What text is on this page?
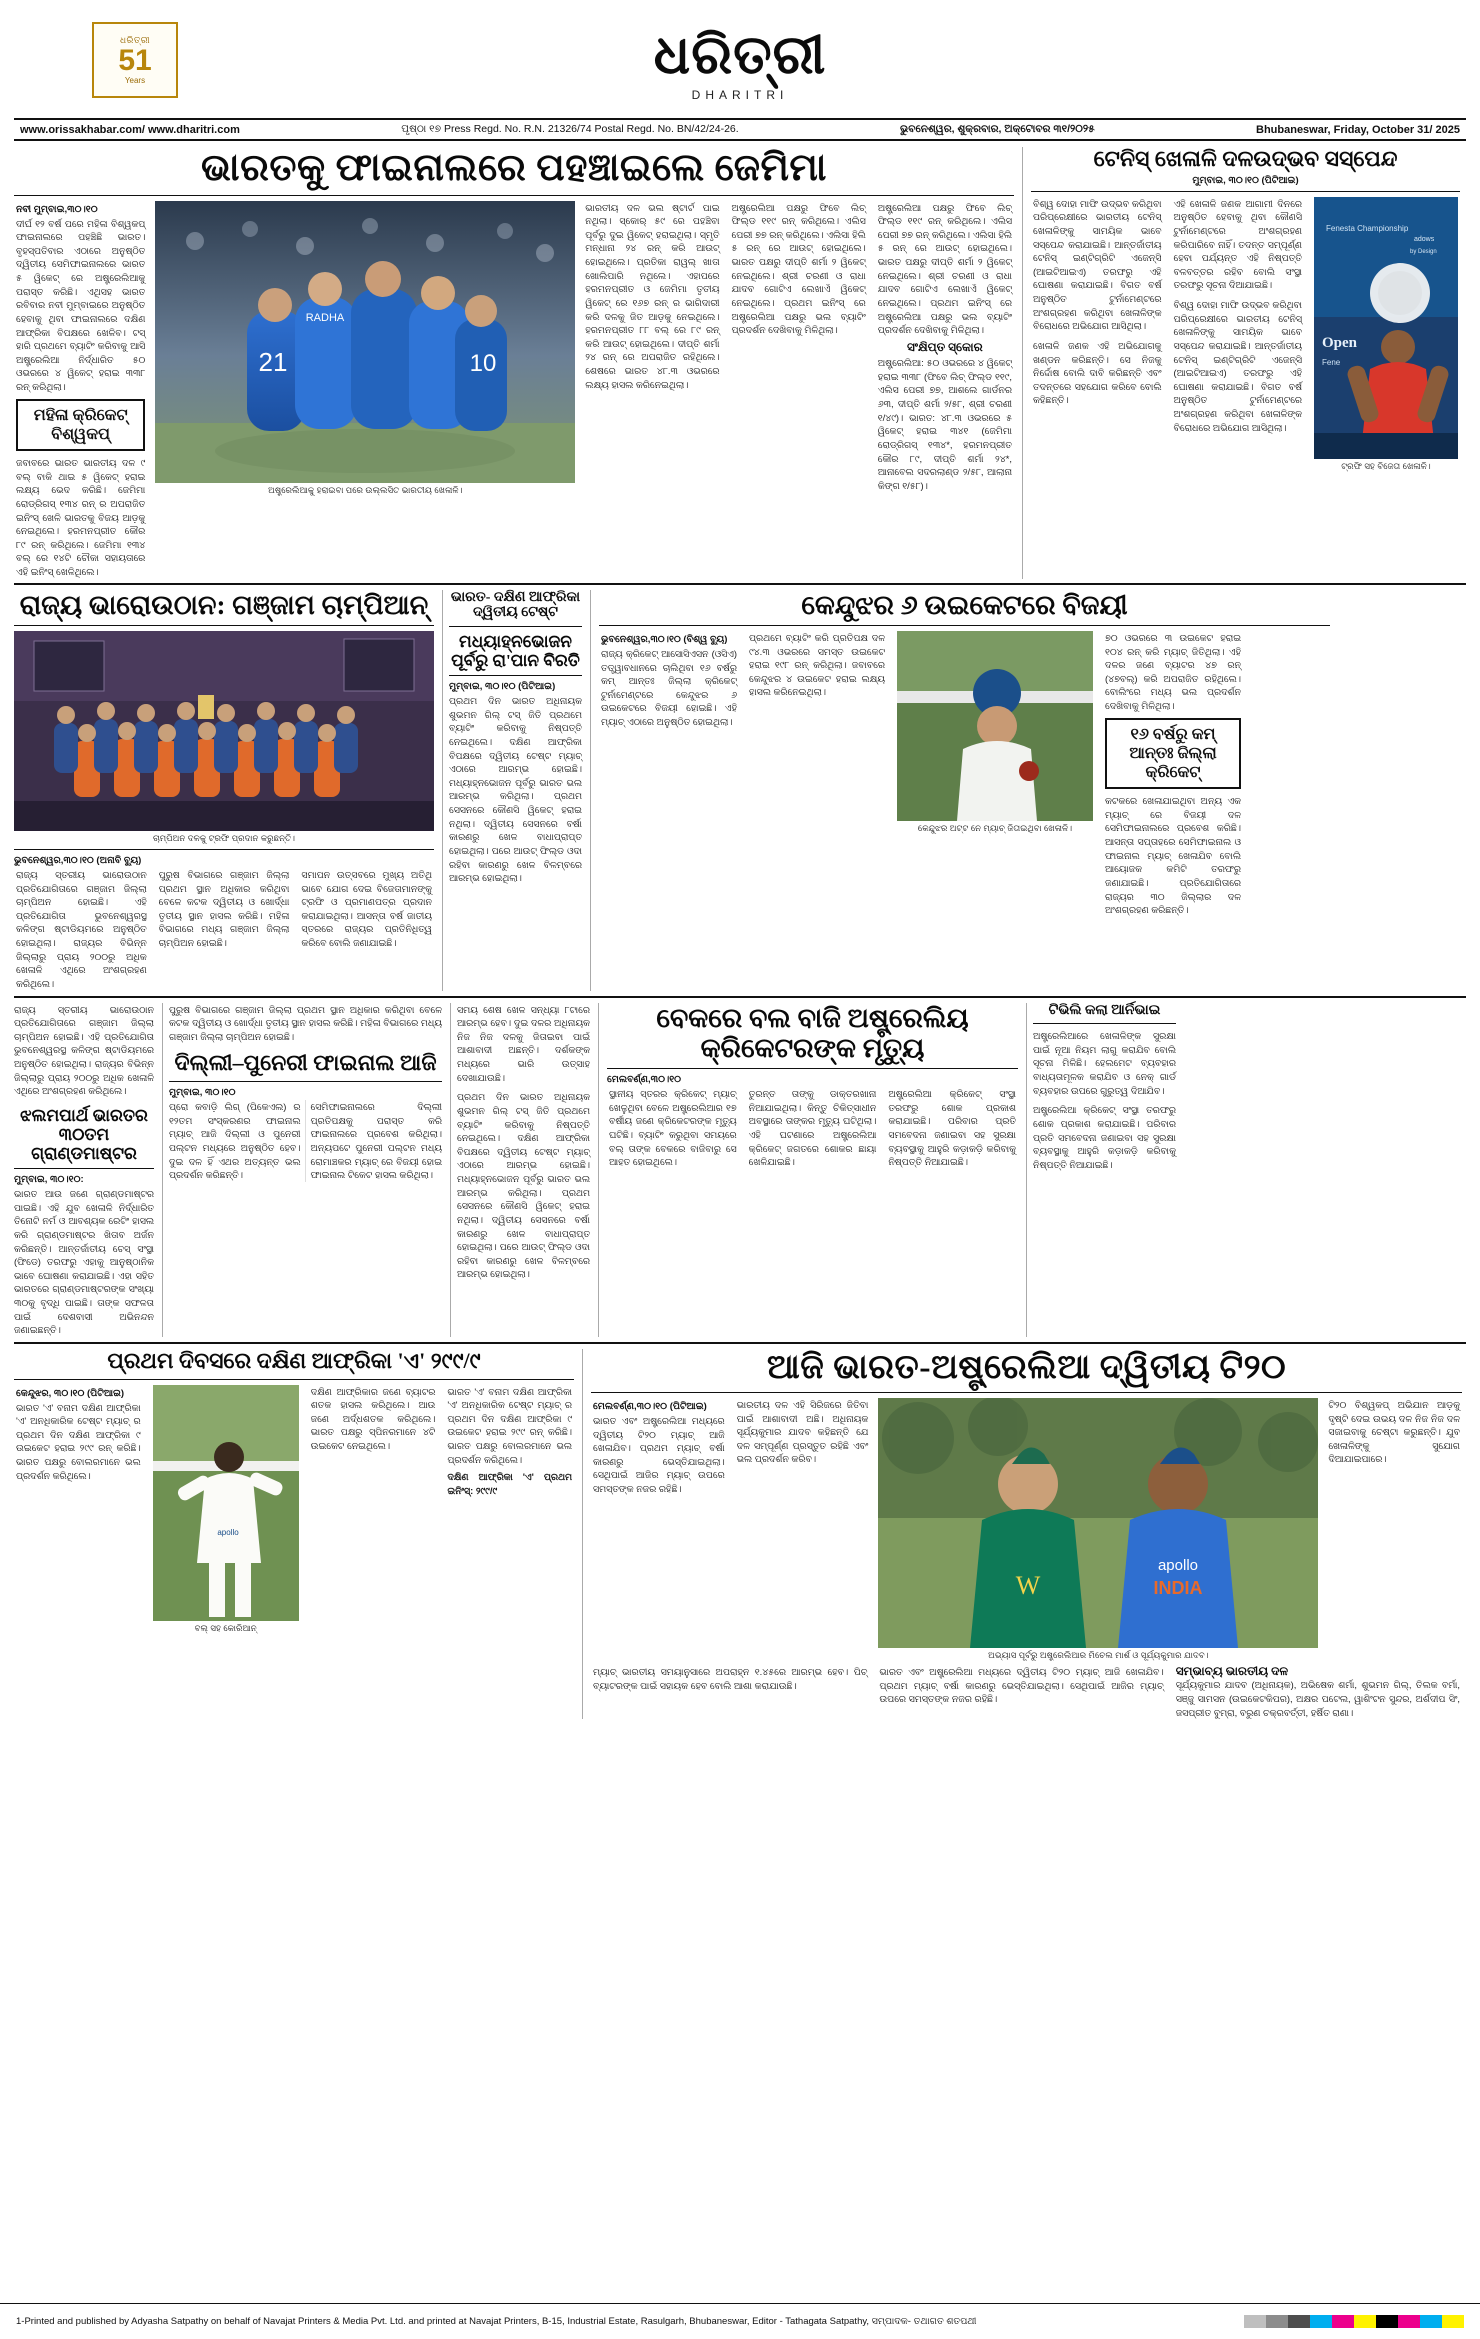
ଧରିତ୍ରୀ
51
Years	ଧରିତ୍ରୀ
DHARITRI
www.orissakhabar.com/ www.dharitri.com	ପୃଷ୍ଠା ୧୭ Press Regd. No. R.N. 21326/74 Postal Regd. No. BN/42/24-26.	ଭୁବନେଶ୍ୱର, ଶୁକ୍ରବାର, ଅକ୍ଟୋବର ୩୧/୨୦୨୫	Bhubaneswar, Friday, October 31/ 2025
ଭାରତକୁ ଫାଇନାଲରେ ପହଞ୍ଚାଇଲେ ଜେମିମା
ନବୀ ମୁମ୍ବାଇ,୩୦।୧୦
ଦୀର୍ଘ ୧୨ ବର୍ଷ ପରେ ମହିଳା ବିଶ୍ୱକପ୍ ଫାଇନାଲରେ ପହଞ୍ଚିଛି ଭାରତ। ବୃହସ୍ପତିବାର ଏଠାରେ ଅନୁଷ୍ଠିତ ଦ୍ୱିତୀୟ ସେମିଫାଇନାଲରେ ଭାରତ ୫ ୱିକେଟ୍ ରେ ଅଷ୍ଟ୍ରେଲିଆକୁ ପରାସ୍ତ କରିଛି। ଏଥିସହ ଭାରତ ରବିବାର ନବୀ ମୁମ୍ବାଇରେ ଅନୁଷ୍ଠିତ ହେବାକୁ ଥିବା ଫାଇନାଲରେ ଦକ୍ଷିଣ ଆଫ୍ରିକା ବିପକ୍ଷରେ ଖେଳିବ। ଟସ୍ ହାରି ପ୍ରଥମେ ବ୍ୟାଟିଂ କରିବାକୁ ଆସି ଅଷ୍ଟ୍ରେଲିଆ ନିର୍ଦ୍ଧାରିତ ୫୦ ଓଭରରେ ୪ ୱିକେଟ୍ ହରାଇ ୩୩୮ ରନ୍ କରିଥିଲା।
ମହିଳା କ୍ରିକେଟ୍ ବିଶ୍ୱକପ୍
ଜବାବରେ ଭାରତ ଭାରତୀୟ ଦଳ ୯ ବଲ୍ ବାକି ଥାଇ ୫ ୱିକେଟ୍ ହରାଇ ଲକ୍ଷ୍ୟ ଭେଦ କରିଛି। ଜେମିମା ରୋଡ୍ରିଗସ୍ ୧୩୪ ରନ୍ ର ଅପରାଜିତ ଇନିଂସ୍ ଖେଳି ଭାରତକୁ ବିଜୟ ଆଡ଼କୁ ନେଇଥିଲେ। ହରମନପ୍ରୀତ କୌର ୮୯ ରନ୍ କରିଥିଲେ। ଜେମିମା ୧୩୪ ବଲ୍ ରେ ୧୪ଟି ଚୌକା ସହାୟତାରେ ଏହି ଇନିଂସ୍ ଖେଳିଥିଲେ।
21	10
RADHA
ଅଷ୍ଟ୍ରେଲିଆକୁ ହରାଇବା ପରେ ଉଲ୍ଲସିତ ଭାରତୀୟ ଖେଳାଳି।
ଭାରତୀୟ ଦଳ ଭଲ ଷ୍ଟାର୍ଟ ପାଇ ନଥିଲା। ସ୍କୋର୍ ୫୯ ରେ ପହଞ୍ଚିବା ପୂର୍ବରୁ ଦୁଇ ୱିକେଟ୍ ହରାଇଥିଲା। ସ୍ମୃତି ମନ୍ଧାନା ୨୪ ରନ୍ କରି ଆଉଟ୍ ହୋଇଥିଲେ। ପ୍ରତିକା ରାୱଲ୍ ଖାତା ଖୋଲିପାରି ନଥିଲେ। ଏହାପରେ ହରମନପ୍ରୀତ ଓ ଜେମିମା ତୃତୀୟ ୱିକେଟ୍ ରେ ୧୬୭ ରନ୍ ର ଭାଗିଦାରୀ କରି ଦଳକୁ ଜିତ ଆଡ଼କୁ ନେଇଥିଲେ। ହରମନପ୍ରୀତ ୮୮ ବଲ୍ ରେ ୮୯ ରନ୍ କରି ଆଉଟ୍ ହୋଇଥିଲେ। ଦୀପ୍ତି ଶର୍ମା ୨୪ ରନ୍ ରେ ଅପରାଜିତ ରହିଥିଲେ। ଶେଷରେ ଭାରତ ୪୮.୩ ଓଭରରେ ଲକ୍ଷ୍ୟ ହାସଲ କରିନେଇଥିଲା।
ଅଷ୍ଟ୍ରେଲିଆ ପକ୍ଷରୁ ଫିବେ ଲିଚ୍ ଫିଲ୍ଡ ୧୧୯ ରନ୍ କରିଥିଲେ। ଏଲିସ ପେରୀ ୭୭ ରନ୍ କରିଥିଲେ। ଏଲିସା ହିଲି ୫ ରନ୍ ରେ ଆଉଟ୍ ହୋଇଥିଲେ। ଭାରତ ପକ୍ଷରୁ ଦୀପ୍ତି ଶର୍ମା ୨ ୱିକେଟ୍ ନେଇଥିଲେ। ଶ୍ରୀ ଚରଣୀ ଓ ରାଧା ଯାଦବ ଗୋଟିଏ ଲେଖାଏଁ ୱିକେଟ୍ ନେଇଥିଲେ। ପ୍ରଥମ ଇନିଂସ୍ ରେ ଅଷ୍ଟ୍ରେଲିଆ ପକ୍ଷରୁ ଭଲ ବ୍ୟାଟିଂ ପ୍ରଦର୍ଶନ ଦେଖିବାକୁ ମିଳିଥିଲା।
ଅଷ୍ଟ୍ରେଲିଆ ପକ୍ଷରୁ ଫିବେ ଲିଚ୍ ଫିଲ୍ଡ ୧୧୯ ରନ୍ କରିଥିଲେ। ଏଲିସ ପେରୀ ୭୭ ରନ୍ କରିଥିଲେ। ଏଲିସା ହିଲି ୫ ରନ୍ ରେ ଆଉଟ୍ ହୋଇଥିଲେ। ଭାରତ ପକ୍ଷରୁ ଦୀପ୍ତି ଶର୍ମା ୨ ୱିକେଟ୍ ନେଇଥିଲେ। ଶ୍ରୀ ଚରଣୀ ଓ ରାଧା ଯାଦବ ଗୋଟିଏ ଲେଖାଏଁ ୱିକେଟ୍ ନେଇଥିଲେ। ପ୍ରଥମ ଇନିଂସ୍ ରେ ଅଷ୍ଟ୍ରେଲିଆ ପକ୍ଷରୁ ଭଲ ବ୍ୟାଟିଂ ପ୍ରଦର୍ଶନ ଦେଖିବାକୁ ମିଳିଥିଲା।
ସଂକ୍ଷିପ୍ତ ସ୍କୋର
ଅଷ୍ଟ୍ରେଲିଆ: ୫୦ ଓଭରରେ ୪ ୱିକେଟ୍ ହରାଇ ୩୩୮ (ଫିବେ ଲିଚ୍ ଫିଲ୍ଡ ୧୧୯, ଏଲିସ ପେରୀ ୭୭, ଆଶଲେ ଗାର୍ଡନର ୬୩, ଦୀପ୍ତି ଶର୍ମା ୨/୫୮, ଶ୍ରୀ ଚରଣୀ ୧/୪୯)। ଭାରତ: ୪୮.୩ ଓଭରରେ ୫ ୱିକେଟ୍ ହରାଇ ୩୪୧ (ଜେମିମା ରୋଡ୍ରିଗସ୍ ୧୩୪*, ହରମନପ୍ରୀତ କୌର ୮୯, ଦୀପ୍ତି ଶର୍ମା ୨୪*, ଆନାବେଲ ସଦରଲାଣ୍ଡ ୨/୫୮, ଆଲାନା କିଙ୍ଗ ୧/୫୮)।
ଟେନିସ୍ ଖେଳାଳି ଦଳଉଦ୍ଭବ ସସ୍‌ପେନ୍ଦ
ମୁମ୍ବାଇ, ୩୦।୧୦ (ପିଟିଆଇ)
ବିଶ୍ୱ ଦୋହା ମାଫି ଉଦ୍ଭବ କରିଥିବା ପରିପ୍ରେକ୍ଷୀରେ ଭାରତୀୟ ଟେନିସ୍ ଖେଳାଳିଙ୍କୁ ସାମୟିକ ଭାବେ ସସ୍‌ପେନ୍ଦ କରାଯାଇଛି। ଆନ୍ତର୍ଜାତୀୟ ଟେନିସ୍ ଇଣ୍ଟିଗ୍ରିଟି ଏଜେନ୍ସି (ଆଇଟିଆଇଏ) ତରଫରୁ ଏହି ଘୋଷଣା କରାଯାଇଛି। ବିଗତ ବର୍ଷ ଅନୁଷ୍ଠିତ ଟୁର୍ନାମେଣ୍ଟରେ ଅଂଶଗ୍ରହଣ କରିଥିବା ଖେଳାଳିଙ୍କ ବିରୋଧରେ ଅଭିଯୋଗ ଆସିଥିଲା।
ଖେଳାଳି ଜଣକ ଏହି ଅଭିଯୋଗକୁ ଖଣ୍ଡନ କରିଛନ୍ତି। ସେ ନିଜକୁ ନିର୍ଦ୍ଦୋଷ ବୋଲି ଦାବି କରିଛନ୍ତି ଏବଂ ତଦନ୍ତରେ ସହଯୋଗ କରିବେ ବୋଲି କହିଛନ୍ତି।
ଏହି ଖେଳାଳି ଜଣକ ଆଗାମୀ ଦିନରେ ଅନୁଷ୍ଠିତ ହେବାକୁ ଥିବା କୌଣସି ଟୁର୍ନାମେଣ୍ଟରେ ଅଂଶଗ୍ରହଣ କରିପାରିବେ ନାହିଁ। ତଦନ୍ତ ସମ୍ପୂର୍ଣ୍ଣ ହେବା ପର୍ଯ୍ୟନ୍ତ ଏହି ନିଷ୍ପତ୍ତି ବଳବତ୍ତର ରହିବ ବୋଲି ସଂସ୍ଥା ତରଫରୁ ସୂଚନା ଦିଆଯାଇଛି।
ବିଶ୍ୱ ଦୋହା ମାଫି ଉଦ୍ଭବ କରିଥିବା ପରିପ୍ରେକ୍ଷୀରେ ଭାରତୀୟ ଟେନିସ୍ ଖେଳାଳିଙ୍କୁ ସାମୟିକ ଭାବେ ସସ୍‌ପେନ୍ଦ କରାଯାଇଛି। ଆନ୍ତର୍ଜାତୀୟ ଟେନିସ୍ ଇଣ୍ଟିଗ୍ରିଟି ଏଜେନ୍ସି (ଆଇଟିଆଇଏ) ତରଫରୁ ଏହି ଘୋଷଣା କରାଯାଇଛି। ବିଗତ ବର୍ଷ ଅନୁଷ୍ଠିତ ଟୁର୍ନାମେଣ୍ଟରେ ଅଂଶଗ୍ରହଣ କରିଥିବା ଖେଳାଳିଙ୍କ ବିରୋଧରେ ଅଭିଯୋଗ ଆସିଥିଲା।
Fenesta Championship
Open
Fene
adows
by Design
ଟ୍ରଫି ସହ ବିଜେତା ଖେଳାଳି।
ରାଜ୍ୟ ଭାରୋଉଠାନ: ଗଞ୍ଜାମ ଚାମ୍ପିଆନ୍
ଚାମ୍ପିଅନ ଦଳକୁ ଟ୍ରଫି ପ୍ରଦାନ କରୁଛନ୍ତି।
ଭୁବନେଶ୍ୱର,୩୦।୧୦ (ଅନାବି ବ୍ୟୁ)
ରାଜ୍ୟ ସ୍ତରୀୟ ଭାରୋଉଠାନ ପ୍ରତିଯୋଗିତାରେ ଗଞ୍ଜାମ ଜିଲ୍ଲା ଚାମ୍ପିଅନ ହୋଇଛି। ଏହି ପ୍ରତିଯୋଗିତା ଭୁବନେଶ୍ୱରସ୍ଥ କଳିଙ୍ଗ ଷ୍ଟାଡିୟମରେ ଅନୁଷ୍ଠିତ ହୋଇଥିଲା। ରାଜ୍ୟର ବିଭିନ୍ନ ଜିଲ୍ଲାରୁ ପ୍ରାୟ ୨୦୦ରୁ ଅଧିକ ଖେଳାଳି ଏଥିରେ ଅଂଶଗ୍ରହଣ କରିଥିଲେ।
ପୁରୁଷ ବିଭାଗରେ ଗଞ୍ଜାମ ଜିଲ୍ଲା ପ୍ରଥମ ସ୍ଥାନ ଅଧିକାର କରିଥିବା ବେଳେ କଟକ ଦ୍ୱିତୀୟ ଓ ଖୋର୍ଦ୍ଧା ତୃତୀୟ ସ୍ଥାନ ହାସଲ କରିଛି। ମହିଳା ବିଭାଗରେ ମଧ୍ୟ ଗଞ୍ଜାମ ଜିଲ୍ଲା ଚାମ୍ପିଅନ ହୋଇଛି।
ସମାପନ ଉତ୍ସବରେ ମୁଖ୍ୟ ଅତିଥି ଭାବେ ଯୋଗ ଦେଇ ବିଜେତାମାନଙ୍କୁ ଟ୍ରଫି ଓ ପ୍ରମାଣପତ୍ର ପ୍ରଦାନ କରାଯାଇଥିଲା। ଆସନ୍ତା ବର୍ଷ ଜାତୀୟ ସ୍ତରରେ ରାଜ୍ୟର ପ୍ରତିନିଧିତ୍ୱ କରିବେ ବୋଲି ଜଣାଯାଇଛି।
ଭାରତ- ଦକ୍ଷିଣ ଆଫ୍ରିକା ଦ୍ୱିତୀୟ ଟେଷ୍ଟ
ମଧ୍ୟାହ୍ନଭୋଜନ ପୂର୍ବରୁ ରା'ପାନ ବିରତି
ମୁମ୍ବାଇ, ୩୦।୧୦ (ପିଟିଆଇ)
ପ୍ରଥମ ଦିନ ଭାରତ ଅଧିନାୟକ ଶୁଭମନ ଗିଲ୍ ଟସ୍ ଜିତି ପ୍ରଥମେ ବ୍ୟାଟିଂ କରିବାକୁ ନିଷ୍ପତ୍ତି ନେଇଥିଲେ। ଦକ୍ଷିଣ ଆଫ୍ରିକା ବିପକ୍ଷରେ ଦ୍ୱିତୀୟ ଟେଷ୍ଟ ମ୍ୟାଚ୍ ଏଠାରେ ଆରମ୍ଭ ହୋଇଛି। ମଧ୍ୟାହ୍ନଭୋଜନ ପୂର୍ବରୁ ଭାରତ ଭଲ ଆରମ୍ଭ କରିଥିଲା। ପ୍ରଥମ ସେସନରେ କୌଣସି ୱିକେଟ୍ ହରାଇ ନଥିଲା। ଦ୍ୱିତୀୟ ସେସନରେ ବର୍ଷା କାରଣରୁ ଖେଳ ବାଧାପ୍ରାପ୍ତ ହୋଇଥିଲା। ପରେ ଆଉଟ୍ ଫିଲ୍ଡ ଓଦା ରହିବା କାରଣରୁ ଖେଳ ବିଳମ୍ବରେ ଆରମ୍ଭ ହୋଇଥିଲା।
କେନ୍ଦୁଝର ୬ ଉଇକେଟରେ ବିଜୟୀ
ଭୁବନେଶ୍ୱର,୩୦।୧୦ (ବିଶ୍ୱ ବ୍ୟୁ)
ରାଜ୍ୟ କ୍ରିକେଟ୍ ଆସୋସିଏସନ (ଓସିଏ) ତତ୍ତ୍ୱାବଧାନରେ ଚାଲିଥିବା ୧୬ ବର୍ଷରୁ କମ୍ ଆନ୍ତଃ ଜିଲ୍ଲା କ୍ରିକେଟ୍ ଟୁର୍ନାମେଣ୍ଟରେ କେନ୍ଦୁଝର ୬ ଉଇକେଟରେ ବିଜୟୀ ହୋଇଛି। ଏହି ମ୍ୟାଚ୍ ଏଠାରେ ଅନୁଷ୍ଠିତ ହୋଇଥିଲା।
ପ୍ରଥମେ ବ୍ୟାଟିଂ କରି ପ୍ରତିପକ୍ଷ ଦଳ ୯୪.୩ ଓଭରରେ ସମସ୍ତ ଉଇକେଟ ହରାଇ ୧୯୮ ରନ୍ କରିଥିଲା। ଜବାବରେ କେନ୍ଦୁଝର ୪ ଉଇକେଟ ହରାଇ ଲକ୍ଷ୍ୟ ହାସଲ କରିନେଇଥିଲା।
କେନ୍ଦୁଝର ଅଟ୍ଟ ନେ ମ୍ୟାଚ୍ ଜିତାଇଥିବା ଖେଳାଳି।
୭୦ ଓଭରରେ ୩ ଉଇକେଟ ହରାଇ ୧୦୪ ରନ୍ କରି ମ୍ୟାଚ୍ ଜିତିଥିଲା। ଏହି ଦଳର ଜଣେ ବ୍ୟାଟର ୪୭ ରନ୍ (୪୭ବଲ୍) କରି ଅପରାଜିତ ରହିଥିଲେ। ବୋଲିଂରେ ମଧ୍ୟ ଭଲ ପ୍ରଦର୍ଶନ ଦେଖିବାକୁ ମିଳିଥିଲା।
୧୬ ବର୍ଷରୁ କମ୍ ଆନ୍ତଃ ଜିଲ୍ଲା କ୍ରିକେଟ୍
କଟକରେ ଖେଳାଯାଇଥିବା ଅନ୍ୟ ଏକ ମ୍ୟାଚ୍ ରେ ବିଜୟୀ ଦଳ ସେମିଫାଇନାଲରେ ପ୍ରବେଶ କରିଛି। ଆସନ୍ତା ସପ୍ତାହରେ ସେମିଫାଇନାଲ ଓ ଫାଇନାଲ ମ୍ୟାଚ୍ ଖେଳାଯିବ ବୋଲି ଆୟୋଜକ କମିଟି ତରଫରୁ ଜଣାଯାଇଛି। ପ୍ରତିଯୋଗିତାରେ ରାଜ୍ୟର ୩୦ ଜିଲ୍ଲାର ଦଳ ଅଂଶଗ୍ରହଣ କରିଛନ୍ତି।
ରାଜ୍ୟ ସ୍ତରୀୟ ଭାରୋଉଠାନ ପ୍ରତିଯୋଗିତାରେ ଗଞ୍ଜାମ ଜିଲ୍ଲା ଚାମ୍ପିଅନ ହୋଇଛି। ଏହି ପ୍ରତିଯୋଗିତା ଭୁବନେଶ୍ୱରସ୍ଥ କଳିଙ୍ଗ ଷ୍ଟାଡିୟମରେ ଅନୁଷ୍ଠିତ ହୋଇଥିଲା। ରାଜ୍ୟର ବିଭିନ୍ନ ଜିଲ୍ଲାରୁ ପ୍ରାୟ ୨୦୦ରୁ ଅଧିକ ଖେଳାଳି ଏଥିରେ ଅଂଶଗ୍ରହଣ କରିଥିଲେ।
ଝଲମପାର୍ଥ ଭାରତର ୩୦ତମ ଗ୍ରାଣ୍ଡମାଷ୍ଟର
ମୁମ୍ବାଇ, ୩୦।୧୦:
ଭାରତ ଆଉ ଜଣେ ଗ୍ରାଣ୍ଡମାଷ୍ଟର ପାଇଛି। ଏହି ଯୁବ ଖେଳାଳି ନିର୍ଦ୍ଧାରିତ ତିନୋଟି ନର୍ମ ଓ ଆବଶ୍ୟକ ରେଟିଂ ହାସଲ କରି ଗ୍ରାଣ୍ଡମାଷ୍ଟର ଖିତାବ ଅର୍ଜନ କରିଛନ୍ତି। ଆନ୍ତର୍ଜାତୀୟ ଚେସ୍ ସଂସ୍ଥା (ଫିଡେ) ତରଫରୁ ଏହାକୁ ଆନୁଷ୍ଠାନିକ ଭାବେ ଘୋଷଣା କରାଯାଇଛି। ଏହା ସହିତ ଭାରତରେ ଗ୍ରାଣ୍ଡମାଷ୍ଟରଙ୍କ ସଂଖ୍ୟା ୩୦କୁ ବୃଦ୍ଧି ପାଇଛି। ତାଙ୍କ ସଫଳତା ପାଇଁ ଦେଶବାସୀ ଅଭିନନ୍ଦନ ଜଣାଇଛନ୍ତି।
ପୁରୁଷ ବିଭାଗରେ ଗଞ୍ଜାମ ଜିଲ୍ଲା ପ୍ରଥମ ସ୍ଥାନ ଅଧିକାର କରିଥିବା ବେଳେ କଟକ ଦ୍ୱିତୀୟ ଓ ଖୋର୍ଦ୍ଧା ତୃତୀୟ ସ୍ଥାନ ହାସଲ କରିଛି। ମହିଳା ବିଭାଗରେ ମଧ୍ୟ ଗଞ୍ଜାମ ଜିଲ୍ଲା ଚାମ୍ପିଅନ ହୋଇଛି।
ଦିଲ୍ଲୀ–ପୁନେରୀ ଫାଇନାଲ ଆଜି
ମୁମ୍ବାଇ, ୩୦।୧୦
ପ୍ରୋ କବାଡ଼ି ଲିଗ୍ (ପିକେଏଲ) ର ୧୨ତମ ସଂସ୍କରଣର ଫାଇନାଲ ମ୍ୟାଚ୍ ଆଜି ଦିଲ୍ଲୀ ଓ ପୁନେରୀ ପଲ୍ଟନ ମଧ୍ୟରେ ଅନୁଷ୍ଠିତ ହେବ। ଦୁଇ ଦଳ ହିଁ ଏଥର ଅତ୍ୟନ୍ତ ଭଲ ପ୍ରଦର୍ଶନ କରିଛନ୍ତି।
ସେମିଫାଇନାଲରେ ଦିଲ୍ଲୀ ପ୍ରତିପକ୍ଷକୁ ପରାସ୍ତ କରି ଫାଇନାଲରେ ପ୍ରବେଶ କରିଥିଲା। ଅନ୍ୟପଟେ ପୁନେରୀ ପଲ୍ଟନ ମଧ୍ୟ ରୋମାଞ୍ଚକର ମ୍ୟାଚ୍ ରେ ବିଜୟୀ ହୋଇ ଫାଇନାଲ ଟିକେଟ ହାସଲ କରିଥିଲା।
ସମୟ ଶେଷ ଖେଳ ସନ୍ଧ୍ୟା ୮ଟାରେ ଆରମ୍ଭ ହେବ। ଦୁଇ ଦଳର ଅଧିନାୟକ ନିଜ ନିଜ ଦଳକୁ ଜିତାଇବା ପାଇଁ ଆଶାବାଦୀ ଅଛନ୍ତି। ଦର୍ଶକଙ୍କ ମଧ୍ୟରେ ଭାରି ଉତ୍ସାହ ଦେଖାଯାଉଛି।
ପ୍ରଥମ ଦିନ ଭାରତ ଅଧିନାୟକ ଶୁଭମନ ଗିଲ୍ ଟସ୍ ଜିତି ପ୍ରଥମେ ବ୍ୟାଟିଂ କରିବାକୁ ନିଷ୍ପତ୍ତି ନେଇଥିଲେ। ଦକ୍ଷିଣ ଆଫ୍ରିକା ବିପକ୍ଷରେ ଦ୍ୱିତୀୟ ଟେଷ୍ଟ ମ୍ୟାଚ୍ ଏଠାରେ ଆରମ୍ଭ ହୋଇଛି। ମଧ୍ୟାହ୍ନଭୋଜନ ପୂର୍ବରୁ ଭାରତ ଭଲ ଆରମ୍ଭ କରିଥିଲା। ପ୍ରଥମ ସେସନରେ କୌଣସି ୱିକେଟ୍ ହରାଇ ନଥିଲା। ଦ୍ୱିତୀୟ ସେସନରେ ବର୍ଷା କାରଣରୁ ଖେଳ ବାଧାପ୍ରାପ୍ତ ହୋଇଥିଲା। ପରେ ଆଉଟ୍ ଫିଲ୍ଡ ଓଦା ରହିବା କାରଣରୁ ଖେଳ ବିଳମ୍ବରେ ଆରମ୍ଭ ହୋଇଥିଲା।
ବେକରେ ବଲ ବାଜି ଅଷ୍ଟ୍ରେଲିୟ କ୍ରିକେଟରଙ୍କ ମୃତ୍ୟୁ
ମେଲବର୍ଣ୍ଣ,୩୦।୧୦
ସ୍ଥାନୀୟ ସ୍ତରର କ୍ରିକେଟ୍ ମ୍ୟାଚ୍ ଖେଳୁଥିବା ବେଳେ ଅଷ୍ଟ୍ରେଲିଆର ୧୭ ବର୍ଷୀୟ ଜଣେ କ୍ରିକେଟରଙ୍କ ମୃତ୍ୟୁ ଘଟିଛି। ବ୍ୟାଟିଂ କରୁଥିବା ସମୟରେ ବଲ୍ ତାଙ୍କ ବେକରେ ବାଜିବାରୁ ସେ ଆହତ ହୋଇଥିଲେ।
ତୁରନ୍ତ ତାଙ୍କୁ ଡାକ୍ତରଖାନା ନିଆଯାଇଥିଲା। କିନ୍ତୁ ଚିକିତ୍ସାଧୀନ ଅବସ୍ଥାରେ ତାଙ୍କର ମୃତ୍ୟୁ ଘଟିଥିଲା। ଏହି ଘଟଣାରେ ଅଷ୍ଟ୍ରେଲିଆ କ୍ରିକେଟ୍ ଜଗତରେ ଶୋକର ଛାୟା ଖେଳିଯାଇଛି।
ଅଷ୍ଟ୍ରେଲିଆ କ୍ରିକେଟ୍ ସଂସ୍ଥା ତରଫରୁ ଶୋକ ପ୍ରକାଶ କରାଯାଇଛି। ପରିବାର ପ୍ରତି ସମବେଦନା ଜଣାଇବା ସହ ସୁରକ୍ଷା ବ୍ୟବସ୍ଥାକୁ ଆହୁରି କଡ଼ାକଡ଼ି କରିବାକୁ ନିଷ୍ପତ୍ତି ନିଆଯାଇଛି।
ଟିଭିଲି କଲା ଆର୍ନିଭାଇ
ଅଷ୍ଟ୍ରେଲିଆରେ ଖେଳାଳିଙ୍କ ସୁରକ୍ଷା ପାଇଁ ନୂଆ ନିୟମ ଲାଗୁ କରାଯିବ ବୋଲି ସୂଚନା ମିଳିଛି। ହେଲମେଟ ବ୍ୟବହାର ବାଧ୍ୟତାମୂଳକ କରାଯିବ ଓ ନେକ୍ ଗାର୍ଡ ବ୍ୟବହାର ଉପରେ ଗୁରୁତ୍ୱ ଦିଆଯିବ।
ଅଷ୍ଟ୍ରେଲିଆ କ୍ରିକେଟ୍ ସଂସ୍ଥା ତରଫରୁ ଶୋକ ପ୍ରକାଶ କରାଯାଇଛି। ପରିବାର ପ୍ରତି ସମବେଦନା ଜଣାଇବା ସହ ସୁରକ୍ଷା ବ୍ୟବସ୍ଥାକୁ ଆହୁରି କଡ଼ାକଡ଼ି କରିବାକୁ ନିଷ୍ପତ୍ତି ନିଆଯାଇଛି।
ପ୍ରଥମ ଦିବସରେ ଦକ୍ଷିଣ ଆଫ୍ରିକା 'ଏ' ୨୯୯/୯
କେନ୍ଦୁଝର, ୩୦।୧୦ (ପିଟିଆଇ)
ଭାରତ 'ଏ' ବନାମ ଦକ୍ଷିଣ ଆଫ୍ରିକା 'ଏ' ଅନଧିକାରିକ ଟେଷ୍ଟ ମ୍ୟାଚ୍ ର ପ୍ରଥମ ଦିନ ଦକ୍ଷିଣ ଆଫ୍ରିକା ୯ ଉଇକେଟ ହରାଇ ୨୯୯ ରନ୍ କରିଛି। ଭାରତ ପକ୍ଷରୁ ବୋଲରମାନେ ଭଲ ପ୍ରଦର୍ଶନ କରିଥିଲେ।
apollo
ବଲ୍ ସହ କୋରିଆନ୍
ଦକ୍ଷିଣ ଆଫ୍ରିକାର ଜଣେ ବ୍ୟାଟର ଶତକ ହାସଲ କରିଥିଲେ। ଆଉ ଜଣେ ଅର୍ଦ୍ଧଶତକ କରିଥିଲେ। ଭାରତ ପକ୍ଷରୁ ସ୍ପିନରମାନେ ୪ଟି ଉଇକେଟ ନେଇଥିଲେ।
ଭାରତ 'ଏ' ବନାମ ଦକ୍ଷିଣ ଆଫ୍ରିକା 'ଏ' ଅନଧିକାରିକ ଟେଷ୍ଟ ମ୍ୟାଚ୍ ର ପ୍ରଥମ ଦିନ ଦକ୍ଷିଣ ଆଫ୍ରିକା ୯ ଉଇକେଟ ହରାଇ ୨୯୯ ରନ୍ କରିଛି। ଭାରତ ପକ୍ଷରୁ ବୋଲରମାନେ ଭଲ ପ୍ରଦର୍ଶନ କରିଥିଲେ।
ଦକ୍ଷିଣ ଆଫ୍ରିକା 'ଏ' ପ୍ରଥମ ଇନିଂସ୍: ୨୯୯/୯
ଆଜି ଭାରତ-ଅଷ୍ଟ୍ରେଲିଆ ଦ୍ୱିତୀୟ ଟି୨୦
ମେଲବର୍ଣ୍ଣ,୩୦।୧୦ (ପିଟିଆଇ)
ଭାରତ ଏବଂ ଅଷ୍ଟ୍ରେଲିଆ ମଧ୍ୟରେ ଦ୍ୱିତୀୟ ଟି୨୦ ମ୍ୟାଚ୍ ଆଜି ଖେଳାଯିବ। ପ୍ରଥମ ମ୍ୟାଚ୍ ବର୍ଷା କାରଣରୁ ଭେସ୍ତିଯାଇଥିଲା। ସେଥିପାଇଁ ଆଜିର ମ୍ୟାଚ୍ ଉପରେ ସମସ୍ତଙ୍କ ନଜର ରହିଛି।
ଭାରତୀୟ ଦଳ ଏହି ସିରିଜରେ ଜିତିବା ପାଇଁ ଆଶାବାଦୀ ଅଛି। ଅଧିନାୟକ ସୂର୍ଯ୍ୟକୁମାର ଯାଦବ କହିଛନ୍ତି ଯେ ଦଳ ସମ୍ପୂର୍ଣ୍ଣ ପ୍ରସ୍ତୁତ ରହିଛି ଏବଂ ଭଲ ପ୍ରଦର୍ଶନ କରିବ।
W
apollo
INDIA
ଅଭ୍ୟାସ ପୂର୍ବରୁ ଅଷ୍ଟ୍ରେଲିଆର ମିଚେଲ ମାର୍ଶ ଓ ସୂର୍ଯ୍ୟକୁମାର ଯାଦବ।
ଟି୨୦ ବିଶ୍ୱକପ୍ ଅଭିଯାନ ଆଡ଼କୁ ଦୃଷ୍ଟି ଦେଇ ଉଭୟ ଦଳ ନିଜ ନିଜ ଦଳ ସଜାଇବାକୁ ଚେଷ୍ଟା କରୁଛନ୍ତି। ଯୁବ ଖେଳାଳିଙ୍କୁ ସୁଯୋଗ ଦିଆଯାଇପାରେ।
ମ୍ୟାଚ୍ ଭାରତୀୟ ସମୟାନୁସାରେ ଅପରାହ୍ନ ୧.୪୫ରେ ଆରମ୍ଭ ହେବ। ପିଚ୍ ବ୍ୟାଟରଙ୍କ ପାଇଁ ସହାୟକ ହେବ ବୋଲି ଆଶା କରାଯାଉଛି।
ଭାରତ ଏବଂ ଅଷ୍ଟ୍ରେଲିଆ ମଧ୍ୟରେ ଦ୍ୱିତୀୟ ଟି୨୦ ମ୍ୟାଚ୍ ଆଜି ଖେଳାଯିବ। ପ୍ରଥମ ମ୍ୟାଚ୍ ବର୍ଷା କାରଣରୁ ଭେସ୍ତିଯାଇଥିଲା। ସେଥିପାଇଁ ଆଜିର ମ୍ୟାଚ୍ ଉପରେ ସମସ୍ତଙ୍କ ନଜର ରହିଛି।
ସମ୍ଭାବ୍ୟ ଭାରତୀୟ ଦଳ
ସୂର୍ଯ୍ୟକୁମାର ଯାଦବ (ଅଧିନାୟକ), ଅଭିଷେକ ଶର୍ମା, ଶୁଭମନ ଗିଲ୍, ତିଲକ ବର୍ମା, ସଞ୍ଜୁ ସାମସନ (ଉଇକେଟକିପର), ଅକ୍ଷର ପଟେଲ, ୱାଶିଂଟନ ସୁନ୍ଦର, ଅର୍ଶଦୀପ ସିଂ, ଜସପ୍ରୀତ ବୁମ୍ରା, ବରୁଣ ଚକ୍ରବର୍ତ୍ତୀ, ହର୍ଷିତ ରାଣା।
1-Printed and published by Adyasha Satpathy on behalf of Navajat Printers & Media Pvt. Ltd. and printed at Navajat Printers, B-15, Industrial Estate, Rasulgarh, Bhubaneswar, Editor - Tathagata Satpathy, ସମ୍ପାଦକ- ତଥାଗତ ଶତପଥୀ
